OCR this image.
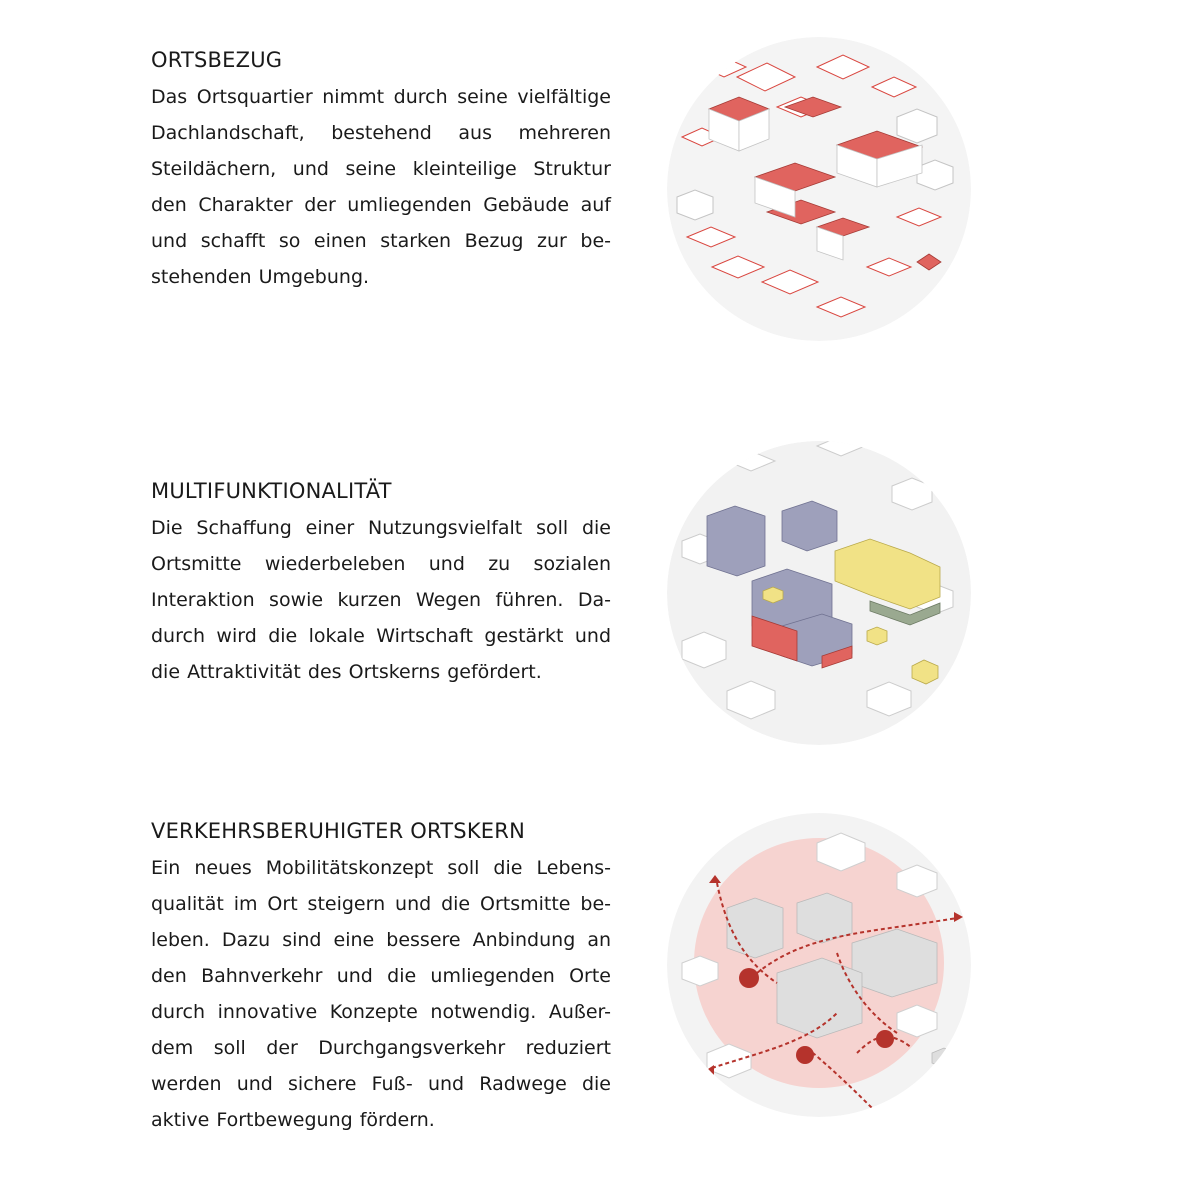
ORTSBEZUG

Das Ortsquartier nimmt durch seine vielfältige Dachlandschaft, bestehend aus mehreren Steildächern, und seine kleinteilige Struktur den Charakter der umliegenden Gebäude auf und schafft so einen starken Bezug zur be-stehenden Umgebung.

MULTIFUNKTIONALITÄT

Die Schaffung einer Nutzungsvielfalt soll die Ortsmitte wiederbeleben und zu sozialen Interaktion sowie kurzen Wegen führen. Da-durch wird die lokale Wirtschaft gestärkt und die Attraktivität des Ortskerns gefördert.

VERKEHRSBERUHIGTER ORTSKERN

Ein neues Mobilitätskonzept soll die Lebens-qualität im Ort steigern und die Ortsmitte be-leben. Dazu sind eine bessere Anbindung an den Bahnverkehr und die umliegenden Orte durch innovative Konzepte notwendig. Außer-dem soll der Durchgangsverkehr reduziert werden und sichere Fuß- und Radwege die aktive Fortbewegung fördern.
